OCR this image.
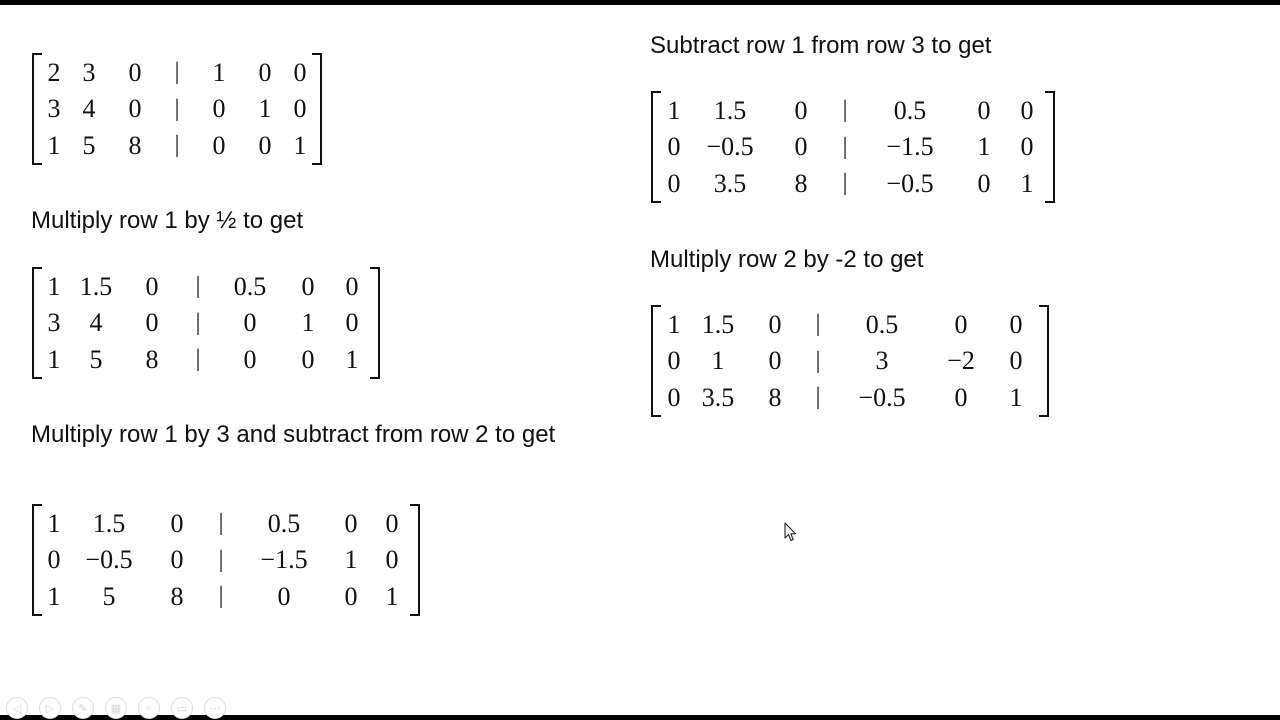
Multiply row 1 by ½ to get

Multiply row 1 by 3 and subtract from row 2 to get

Subtract row 1 from row 3 to get

Multiply row 2 by -2 to get

	2	3	0	|	1	0	0	
	3	4	0	|	0	1	0	
	1	5	8	|	0	0	1	
	1	1.5	0	|	0.5	0	0	
	3	4	0	|	0	1	0	
	1	5	8	|	0	0	1	
	1	1.5	0	|	0.5	0	0	
	0	−0.5	0	|	−1.5	1	0	
	1	5	8	|	0	0	1	
	1	1.5	0	|	0.5	0	0	
	0	−0.5	0	|	−1.5	1	0	
	0	3.5	8	|	−0.5	0	1	
	1	1.5	0	|	0.5	0	0	
	0	1	0	|	3	−2	0	
	0	3.5	8	|	−0.5	0	1	
◁	▷	✎	▦	⌕	▭	⋯
